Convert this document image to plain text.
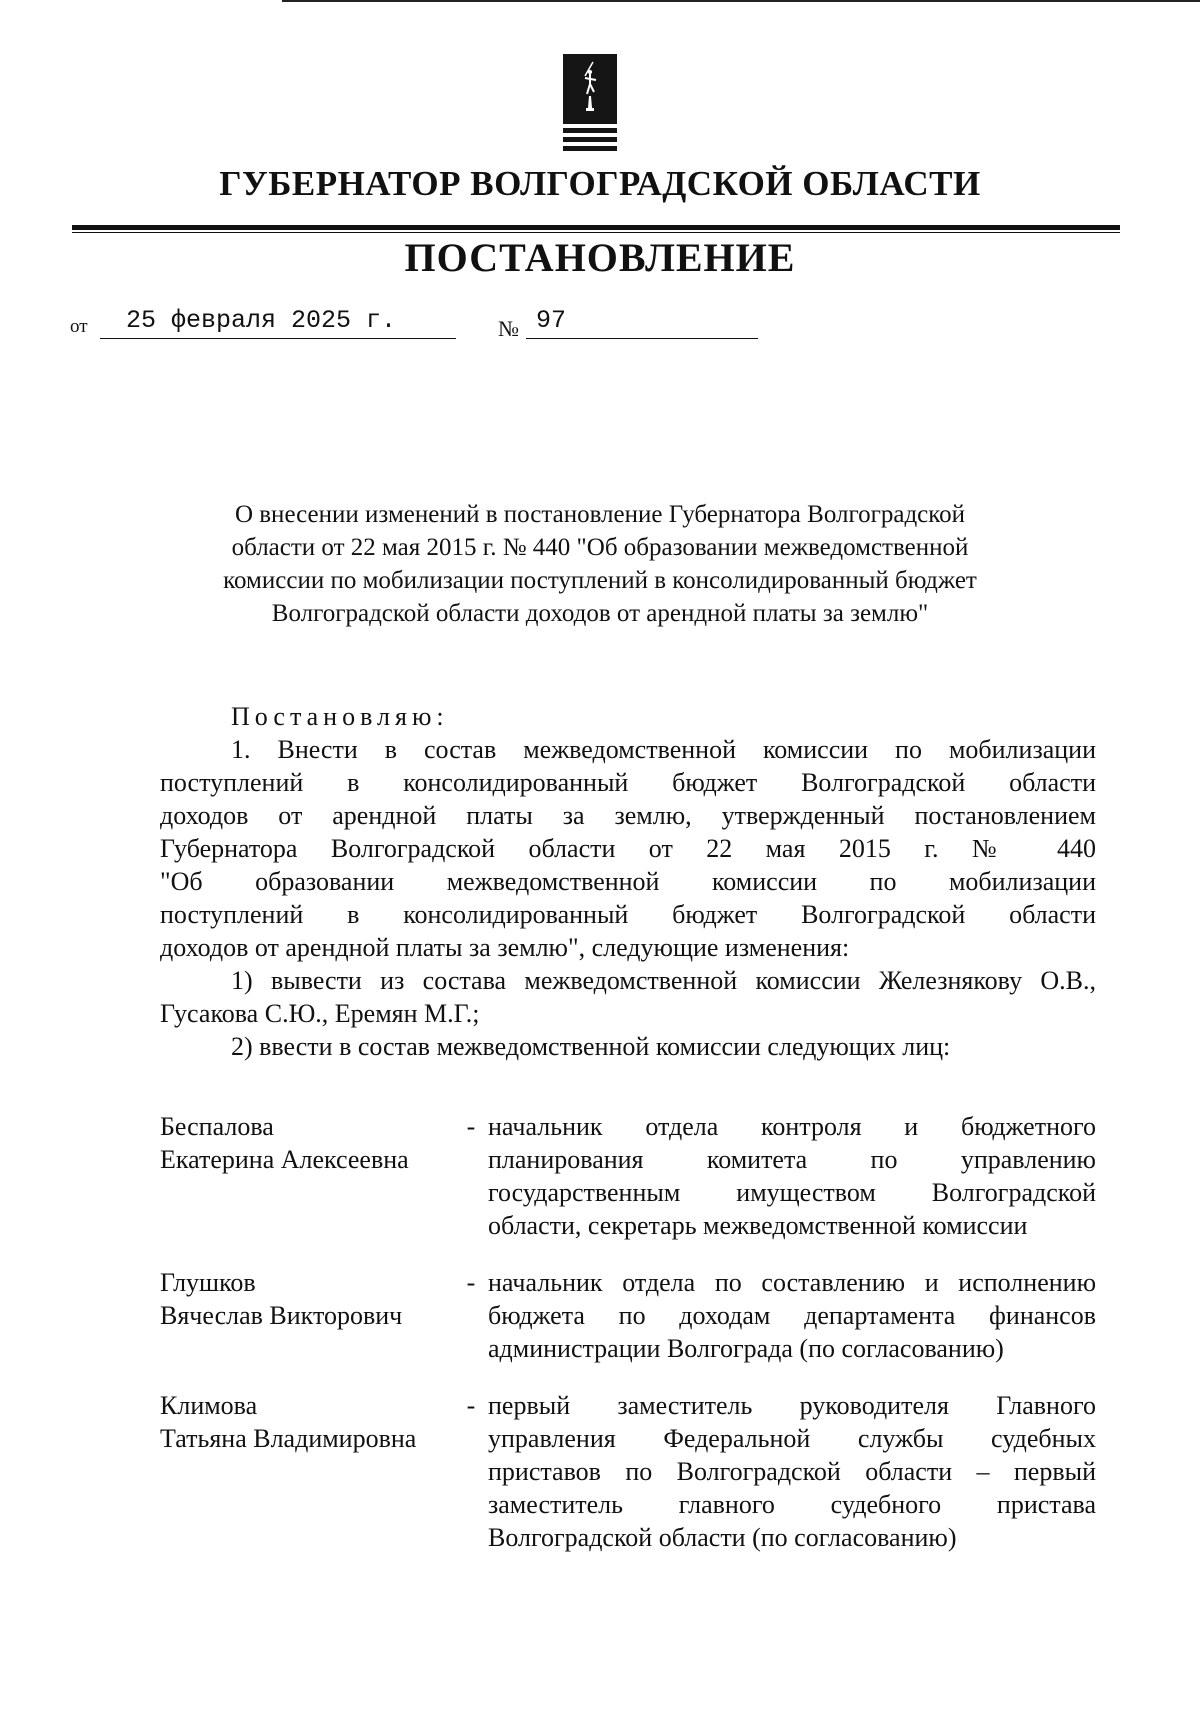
ГУБЕРНАТОР ВОЛГОГРАДСКОЙ ОБЛАСТИ
ПОСТАНОВЛЕНИЕ
от 25 февраля 2025 г.	№ 97
О внесении изменений в постановление Губернатора Волгоградской
области от 22 мая 2015 г. № 440 "Об образовании межведомственной
комиссии по мобилизации поступлений в консолидированный бюджет
Волгоградской области доходов от арендной платы за землю"

Постановляю:

1. Внести в состав межведомственной комиссии по мобилизации

поступлений в консолидированный бюджет Волгоградской области

доходов от арендной платы за землю, утвержденный постановлением

Губернатора Волгоградской области от 22 мая 2015 г. № 440

"Об образовании межведомственной комиссии по мобилизации

поступлений в консолидированный бюджет Волгоградской области

доходов от арендной платы за землю", следующие изменения:

1) вывести из состава межведомственной комиссии Железнякову О.В.,

Гусакова С.Ю., Еремян М.Г.;

2) ввести в состав межведомственной комиссии следующих лиц:

Беспалова
Екатерина Алексеевна
- начальник отдела контроля и бюджетного

планирования комитета по управлению

государственным имуществом Волгоградской

области, секретарь межведомственной комиссии

Глушков
Вячеслав Викторович
- начальник отдела по составлению и исполнению

бюджета по доходам департамента финансов

администрации Волгограда (по согласованию)

Климова
Татьяна Владимировна
- первый заместитель руководителя Главного

управления Федеральной службы судебных

приставов по Волгоградской области – первый

заместитель главного судебного пристава

Волгоградской области (по согласованию)
